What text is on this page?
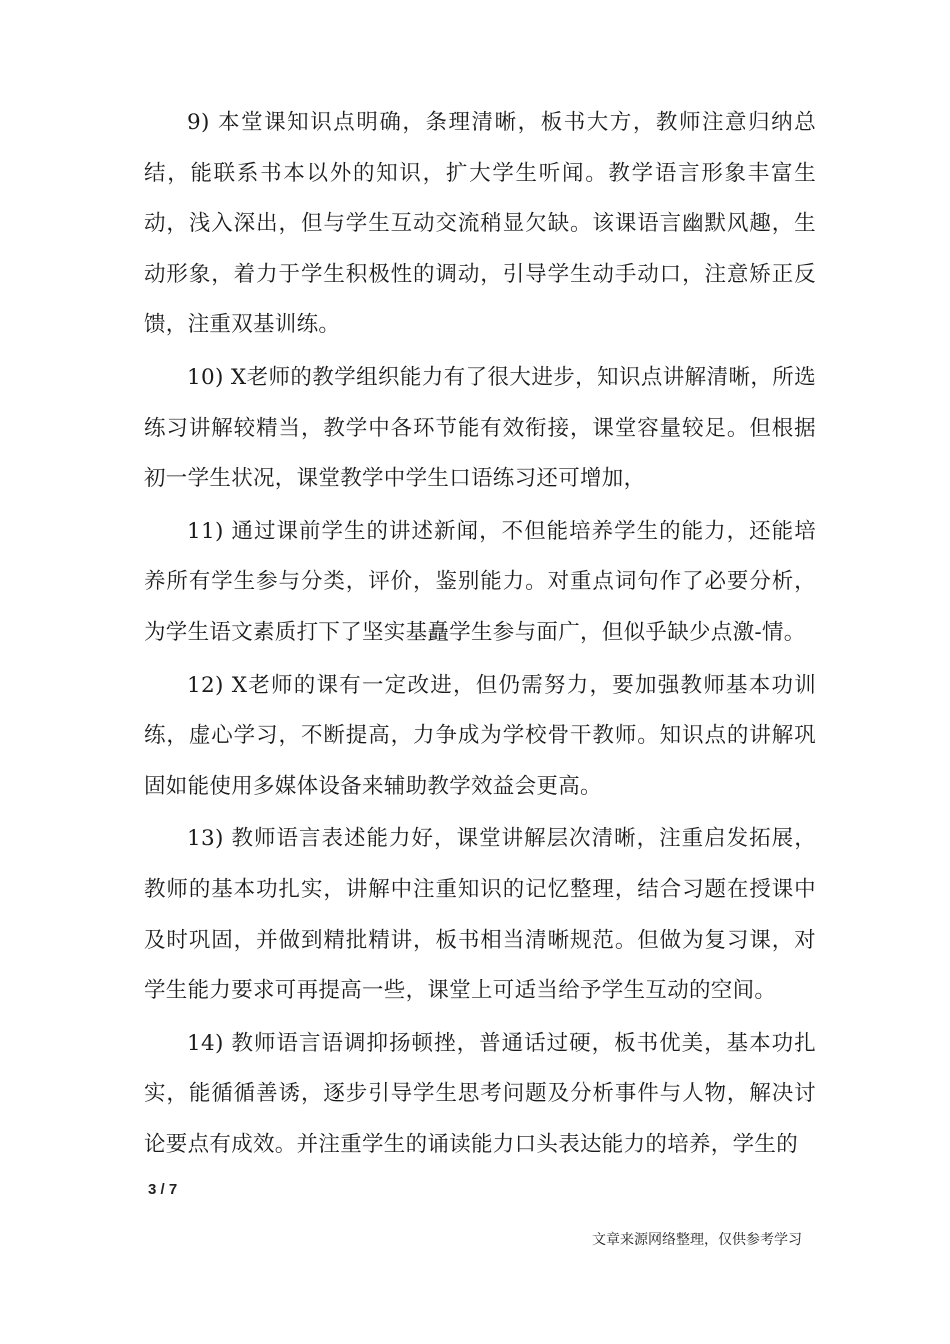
9) 本堂课知识点明确，条理清晰，板书大方，教师注意归纳总结，能联系书本以外的知识，扩大学生听闻。教学语言形象丰富生动，浅入深出，但与学生互动交流稍显欠缺。该课语言幽默风趣，生动形象，着力于学生积极性的调动，引导学生动手动口，注意矫正反馈，注重双基训练。

10) X老师的教学组织能力有了很大进步，知识点讲解清晰，所选练习讲解较精当，教学中各环节能有效衔接，课堂容量较足。但根据初一学生状况，课堂教学中学生口语练习还可增加，

11) 通过课前学生的讲述新闻，不但能培养学生的能力，还能培养所有学生参与分类，评价，鉴别能力。对重点词句作了必要分析，为学生语文素质打下了坚实基矗学生参与面广，但似乎缺少点激-情。

12) X老师的课有一定改进，但仍需努力，要加强教师基本功训练，虚心学习，不断提高，力争成为学校骨干教师。知识点的讲解巩固如能使用多媒体设备来辅助教学效益会更高。

13) 教师语言表述能力好，课堂讲解层次清晰，注重启发拓展，教师的基本功扎实，讲解中注重知识的记忆整理，结合习题在授课中及时巩固，并做到精批精讲，板书相当清晰规范。但做为复习课，对学生能力要求可再提高一些，课堂上可适当给予学生互动的空间。

14) 教师语言语调抑扬顿挫，普通话过硬，板书优美，基本功扎实，能循循善诱，逐步引导学生思考问题及分析事件与人物，解决讨论要点有成效。并注重学生的诵读能力口头表达能力的培养，学生的

3 / 7
文章来源网络整理，仅供参考学习
